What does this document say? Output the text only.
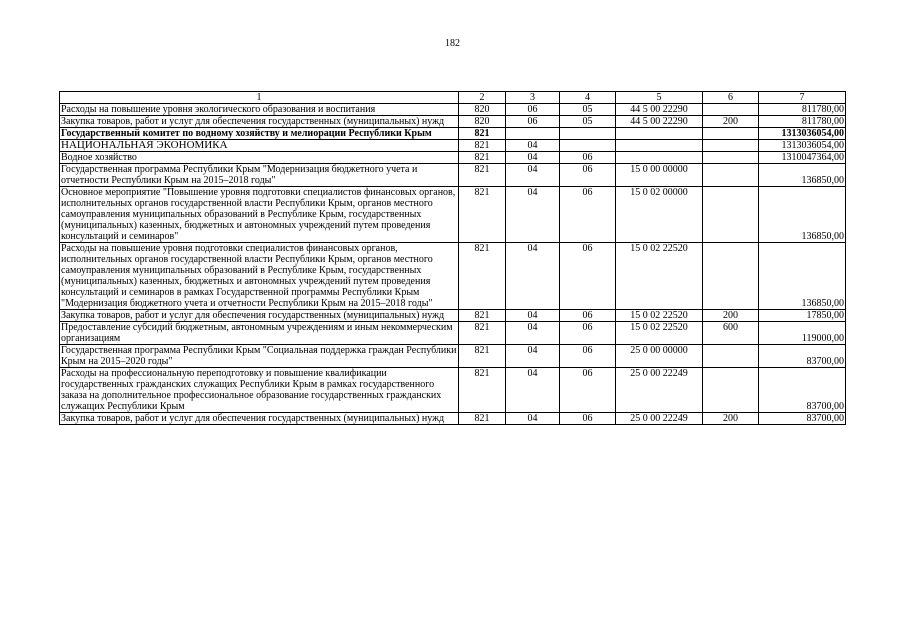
182
1	2	3	4	5	6	7
Расходы на повышение уровня экологического образования и воспитания	820	06	05	44 5 00 22290		811780,00
Закупка товаров, работ и услуг для обеспечения государственных (муниципальных) нужд	820	06	05	44 5 00 22290	200	811780,00
Государственный комитет по водному хозяйству и мелиорации Республики Крым	821					1313036054,00
НАЦИОНАЛЬНАЯ ЭКОНОМИКА	821	04				1313036054,00
Водное хозяйство	821	04	06			1310047364,00
Государственная программа Республики Крым "Модернизация бюджетного учета и отчетности Республики Крым на 2015–2018 годы"	821	04	06	15 0 00 00000		136850,00
Основное мероприятие "Повышение уровня подготовки специалистов финансовых органов, исполнительных органов государственной власти Республики Крым, органов местного самоуправления муниципальных образований в Республике Крым, государственных (муниципальных) казенных, бюджетных и автономных учреждений путем проведения консультаций и семинаров"	821	04	06	15 0 02 00000		136850,00
Расходы на повышение уровня подготовки специалистов финансовых органов, исполнительных органов государственной власти Республики Крым, органов местного самоуправления муниципальных образований в Республике Крым, государственных (муниципальных) казенных, бюджетных и автономных учреждений путем проведения консультаций и семинаров в рамках Государственной программы Республики Крым "Модернизация бюджетного учета и отчетности Республики Крым на 2015–2018 годы"	821	04	06	15 0 02 22520		136850,00
Закупка товаров, работ и услуг для обеспечения государственных (муниципальных) нужд	821	04	06	15 0 02 22520	200	17850,00
Предоставление субсидий бюджетным, автономным учреждениям и иным некоммерческим организациям	821	04	06	15 0 02 22520	600	119000,00
Государственная программа Республики Крым "Социальная поддержка граждан Республики Крым на 2015–2020 годы"	821	04	06	25 0 00 00000		83700,00
Расходы на профессиональную переподготовку и повышение квалификации государственных гражданских служащих Республики Крым в рамках государственного заказа на дополнительное профессиональное образование государственных гражданских служащих Республики Крым	821	04	06	25 0 00 22249		83700,00
Закупка товаров, работ и услуг для обеспечения государственных (муниципальных) нужд	821	04	06	25 0 00 22249	200	83700,00
